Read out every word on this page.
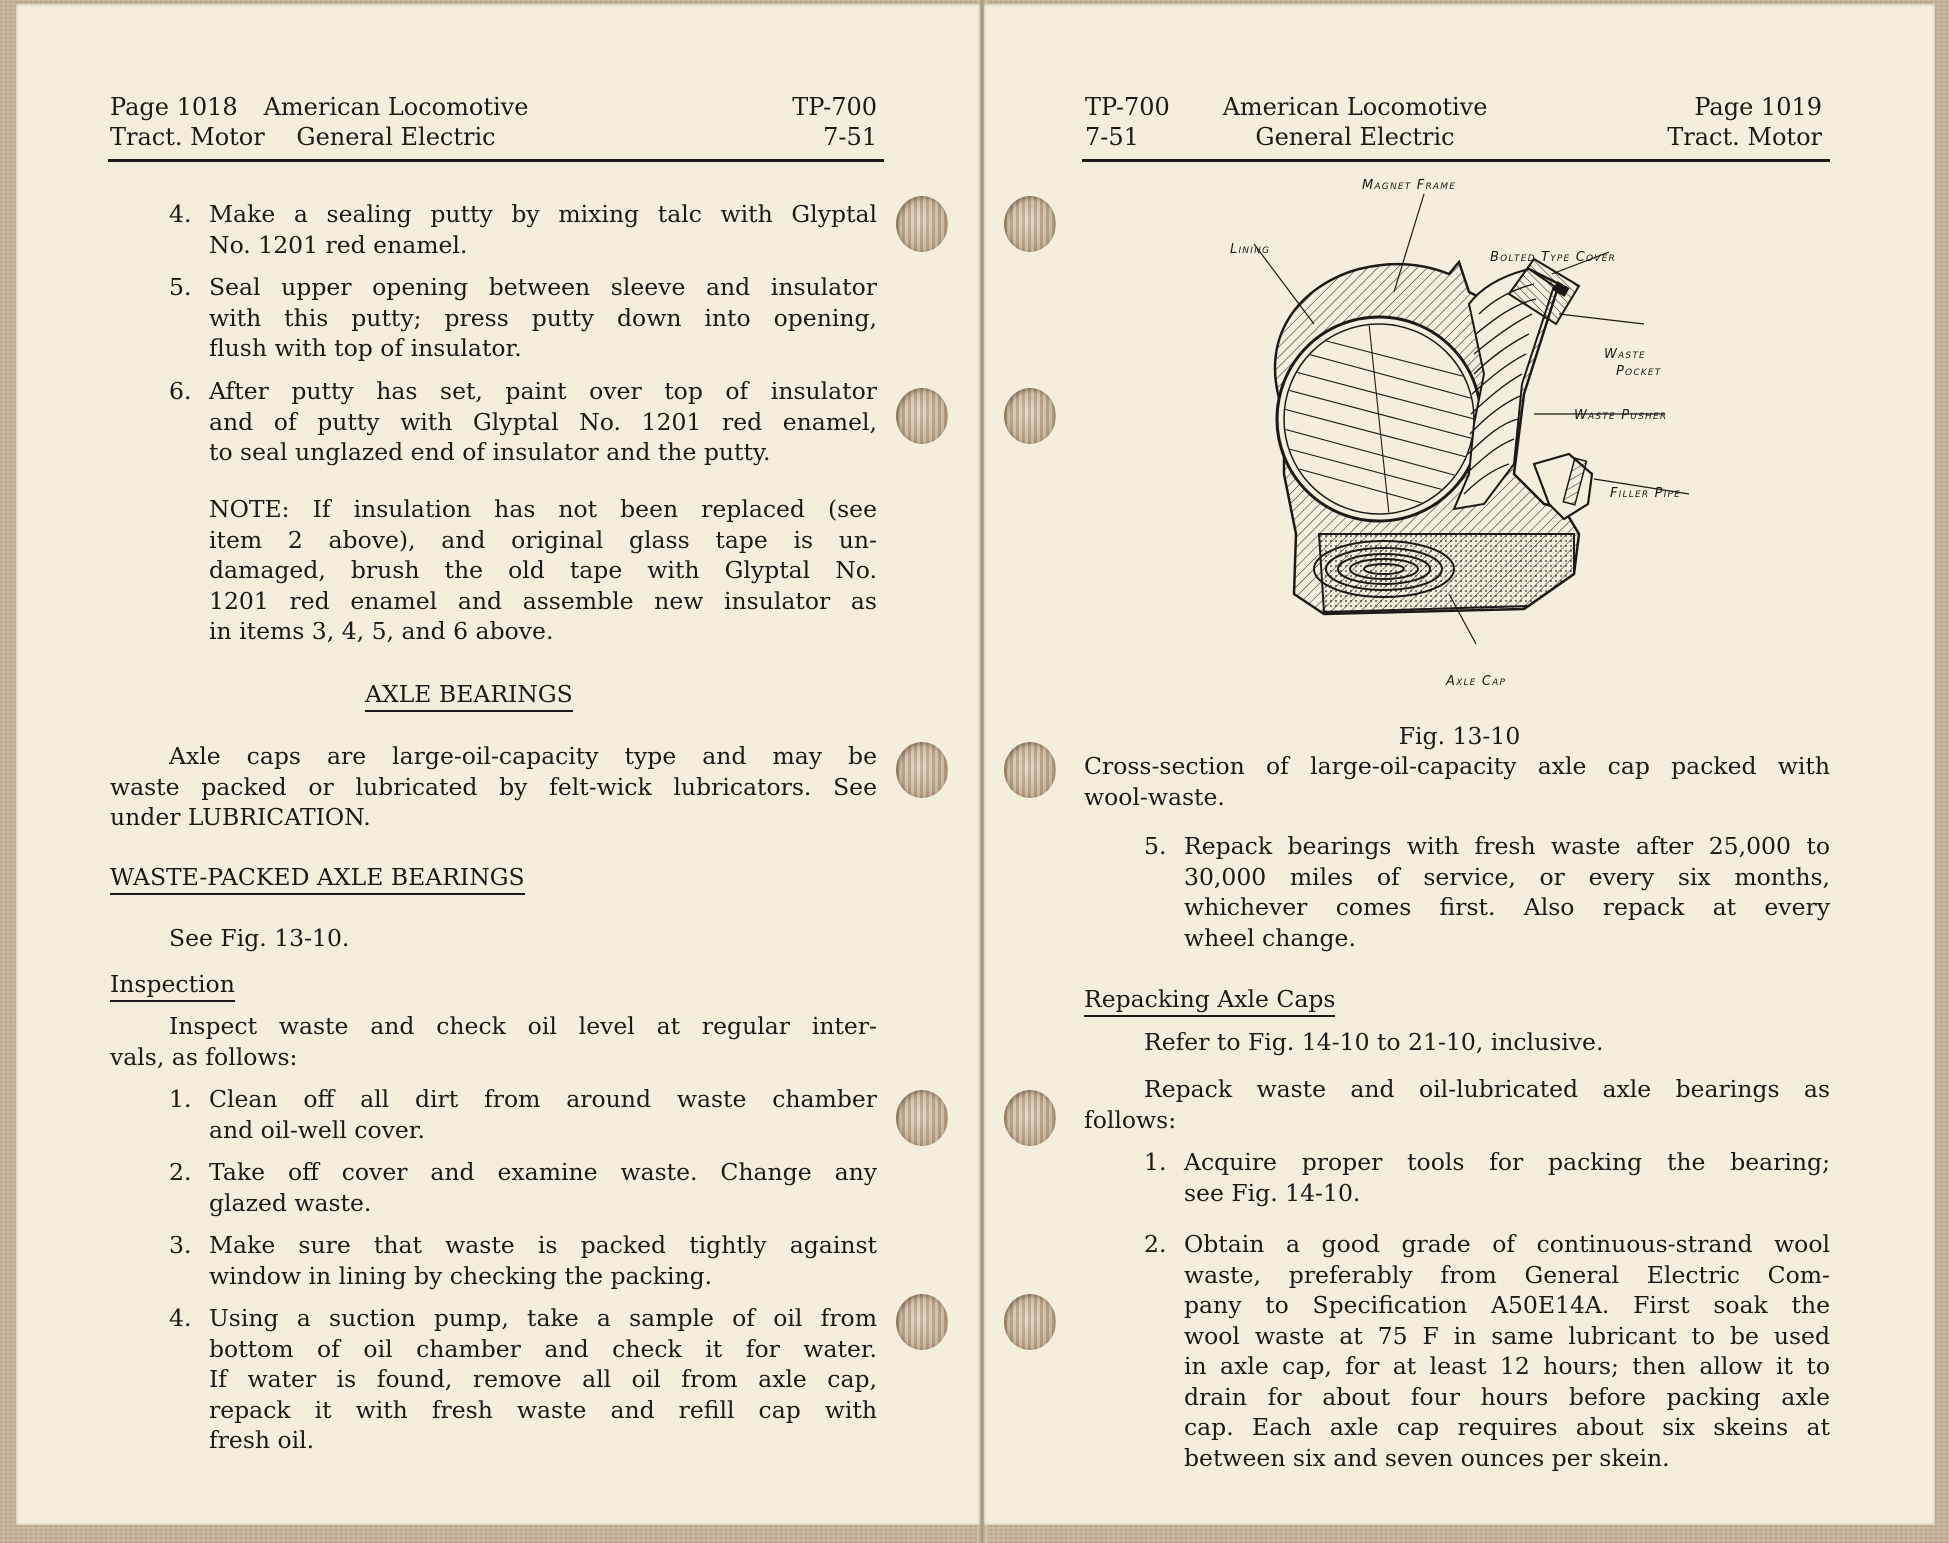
Page 1018
Tract. Motor
American Locomotive
General Electric
TP-700
7-51
4. Make a sealing putty by mixing talc with Glyptal
No. 1201 red enamel.
5. Seal upper opening between sleeve and insulator
with this putty; press putty down into opening,
flush with top of insulator.
6. After putty has set, paint over top of insulator
and of putty with Glyptal No. 1201 red enamel,
to seal unglazed end of insulator and the putty.
NOTE: If insulation has not been replaced (see
item 2 above), and original glass tape is un-
damaged, brush the old tape with Glyptal No.
1201 red enamel and assemble new insulator as
in items 3, 4, 5, and 6 above.
AXLE BEARINGS
Axle caps are large-oil-capacity type and may be
waste packed or lubricated by felt-wick lubricators. See
under LUBRICATION.
WASTE-PACKED AXLE BEARINGS
See Fig. 13-10.
Inspection
Inspect waste and check oil level at regular inter-
vals, as follows:
1. Clean off all dirt from around waste chamber
and oil-well cover.
2. Take off cover and examine waste. Change any
glazed waste.
3. Make sure that waste is packed tightly against
window in lining by checking the packing.
4. Using a suction pump, take a sample of oil from
bottom of oil chamber and check it for water.
If water is found, remove all oil from axle cap,
repack it with fresh waste and refill cap with
fresh oil.
TP-700
7-51
American Locomotive
General Electric
Page 1019
Tract. Motor
Magnet Frame
Lining
Bolted Type Cover
Waste
Pocket
Waste Pusher
Filler Pipe
Axle Cap
Fig. 13-10
Cross-section of large-oil-capacity axle cap packed with
wool-waste.
5. Repack bearings with fresh waste after 25,000 to
30,000 miles of service, or every six months,
whichever comes first. Also repack at every
wheel change.
Repacking Axle Caps
Refer to Fig. 14-10 to 21-10, inclusive.
Repack waste and oil-lubricated axle bearings as
follows:
1. Acquire proper tools for packing the bearing;
see Fig. 14-10.
2. Obtain a good grade of continuous-strand wool
waste, preferably from General Electric Com-
pany to Specification A50E14A. First soak the
wool waste at 75 F in same lubricant to be used
in axle cap, for at least 12 hours; then allow it to
drain for about four hours before packing axle
cap. Each axle cap requires about six skeins at
between six and seven ounces per skein.
